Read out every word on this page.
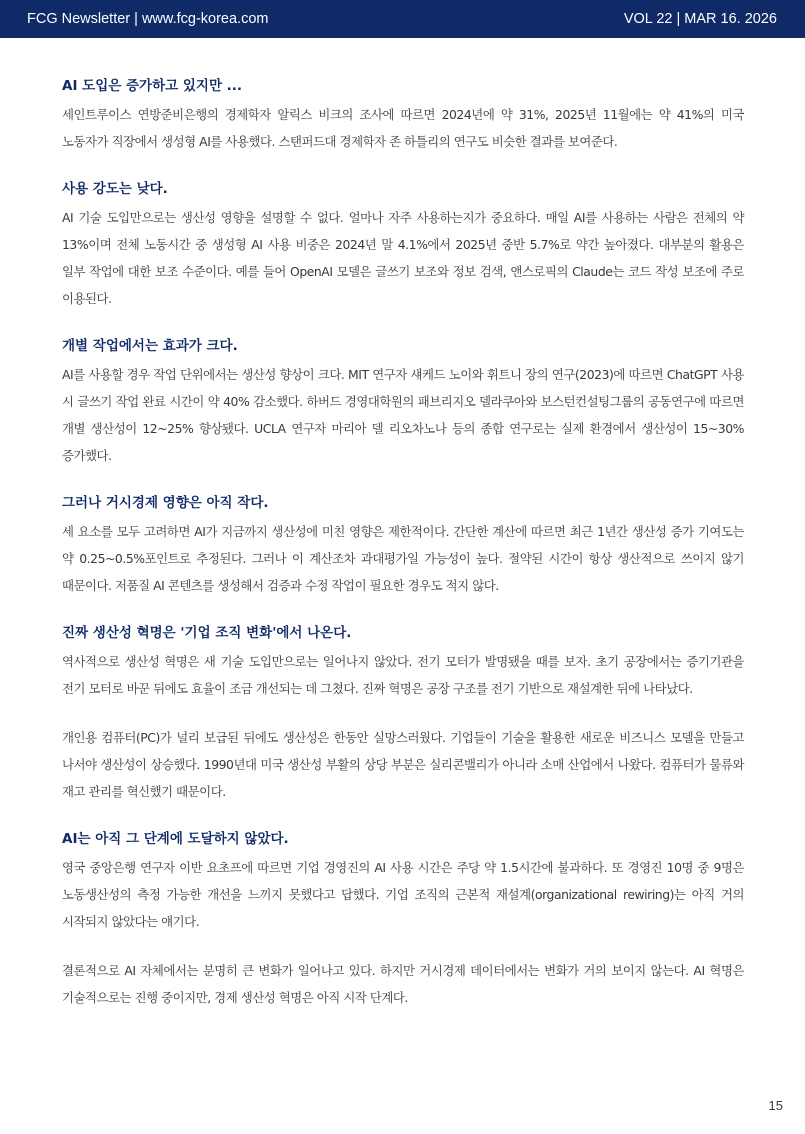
FCG Newsletter | www.fcg-korea.com	VOL 22 | MAR 16. 2026
AI 도입은 증가하고 있지만 ...

세인트루이스 연방준비은행의 경제학자 알릭스 비크의 조사에 따르면 2024년에 약 31%, 2025년 11월에는 약 41%의 미국 노동자가 직장에서 생성형 AI를 사용했다. 스탠퍼드대 경제학자 존 하틀리의 연구도 비슷한 결과를 보여준다.

사용 강도는 낮다.

AI 기술 도입만으로는 생산성 영향을 설명할 수 없다. 얼마나 자주 사용하는지가 중요하다. 매일 AI를 사용하는 사람은 전체의 약 13%이며 전체 노동시간 중 생성형 AI 사용 비중은 2024년 말 4.1%에서 2025년 중반 5.7%로 약간 높아졌다. 대부분의 활용은 일부 작업에 대한 보조 수준이다. 예를 들어 OpenAI 모델은 글쓰기 보조와 정보 검색, 앤스로픽의 Claude는 코드 작성 보조에 주로 이용된다.

개별 작업에서는 효과가 크다.

AI를 사용할 경우 작업 단위에서는 생산성 향상이 크다. MIT 연구자 섀케드 노이와 휘트니 장의 연구(2023)에 따르면 ChatGPT 사용 시 글쓰기 작업 완료 시간이 약 40% 감소했다. 하버드 경영대학원의 패브리지오 델라쿠아와 보스턴컨설팅그룹의 공동연구에 따르면 개별 생산성이 12~25% 향상됐다. UCLA 연구자 마리아 델 리오차노나 등의 종합 연구로는 실제 환경에서 생산성이 15~30% 증가했다.

그러나 거시경제 영향은 아직 작다.

세 요소를 모두 고려하면 AI가 지금까지 생산성에 미친 영향은 제한적이다. 간단한 계산에 따르면 최근 1년간 생산성 증가 기여도는 약 0.25~0.5%포인트로 추정된다. 그러나 이 계산조차 과대평가일 가능성이 높다. 절약된 시간이 항상 생산적으로 쓰이지 않기 때문이다. 저품질 AI 콘텐츠를 생성해서 검증과 수정 작업이 필요한 경우도 적지 않다.

진짜 생산성 혁명은 '기업 조직 변화'에서 나온다.

역사적으로 생산성 혁명은 새 기술 도입만으로는 일어나지 않았다. 전기 모터가 발명됐을 때를 보자. 초기 공장에서는 증기기관을 전기 모터로 바꾼 뒤에도 효율이 조금 개선되는 데 그쳤다. 진짜 혁명은 공장 구조를 전기 기반으로 재설계한 뒤에 나타났다.

개인용 컴퓨터(PC)가 널리 보급된 뒤에도 생산성은 한동안 실망스러웠다. 기업들이 기술을 활용한 새로운 비즈니스 모델을 만들고 나서야 생산성이 상승했다. 1990년대 미국 생산성 부활의 상당 부분은 실리콘밸리가 아니라 소매 산업에서 나왔다. 컴퓨터가 물류와 재고 관리를 혁신했기 때문이다.

AI는 아직 그 단계에 도달하지 않았다.

영국 중앙은행 연구자 이반 요초프에 따르면 기업 경영진의 AI 사용 시간은 주당 약 1.5시간에 불과하다. 또 경영진 10명 중 9명은 노동생산성의 측정 가능한 개선을 느끼지 못했다고 답했다. 기업 조직의 근본적 재설계(organizational rewiring)는 아직 거의 시작되지 않았다는 얘기다.

결론적으로 AI 자체에서는 분명히 큰 변화가 일어나고 있다. 하지만 거시경제 데이터에서는 변화가 거의 보이지 않는다. AI 혁명은 기술적으로는 진행 중이지만, 경제 생산성 혁명은 아직 시작 단계다.

15
